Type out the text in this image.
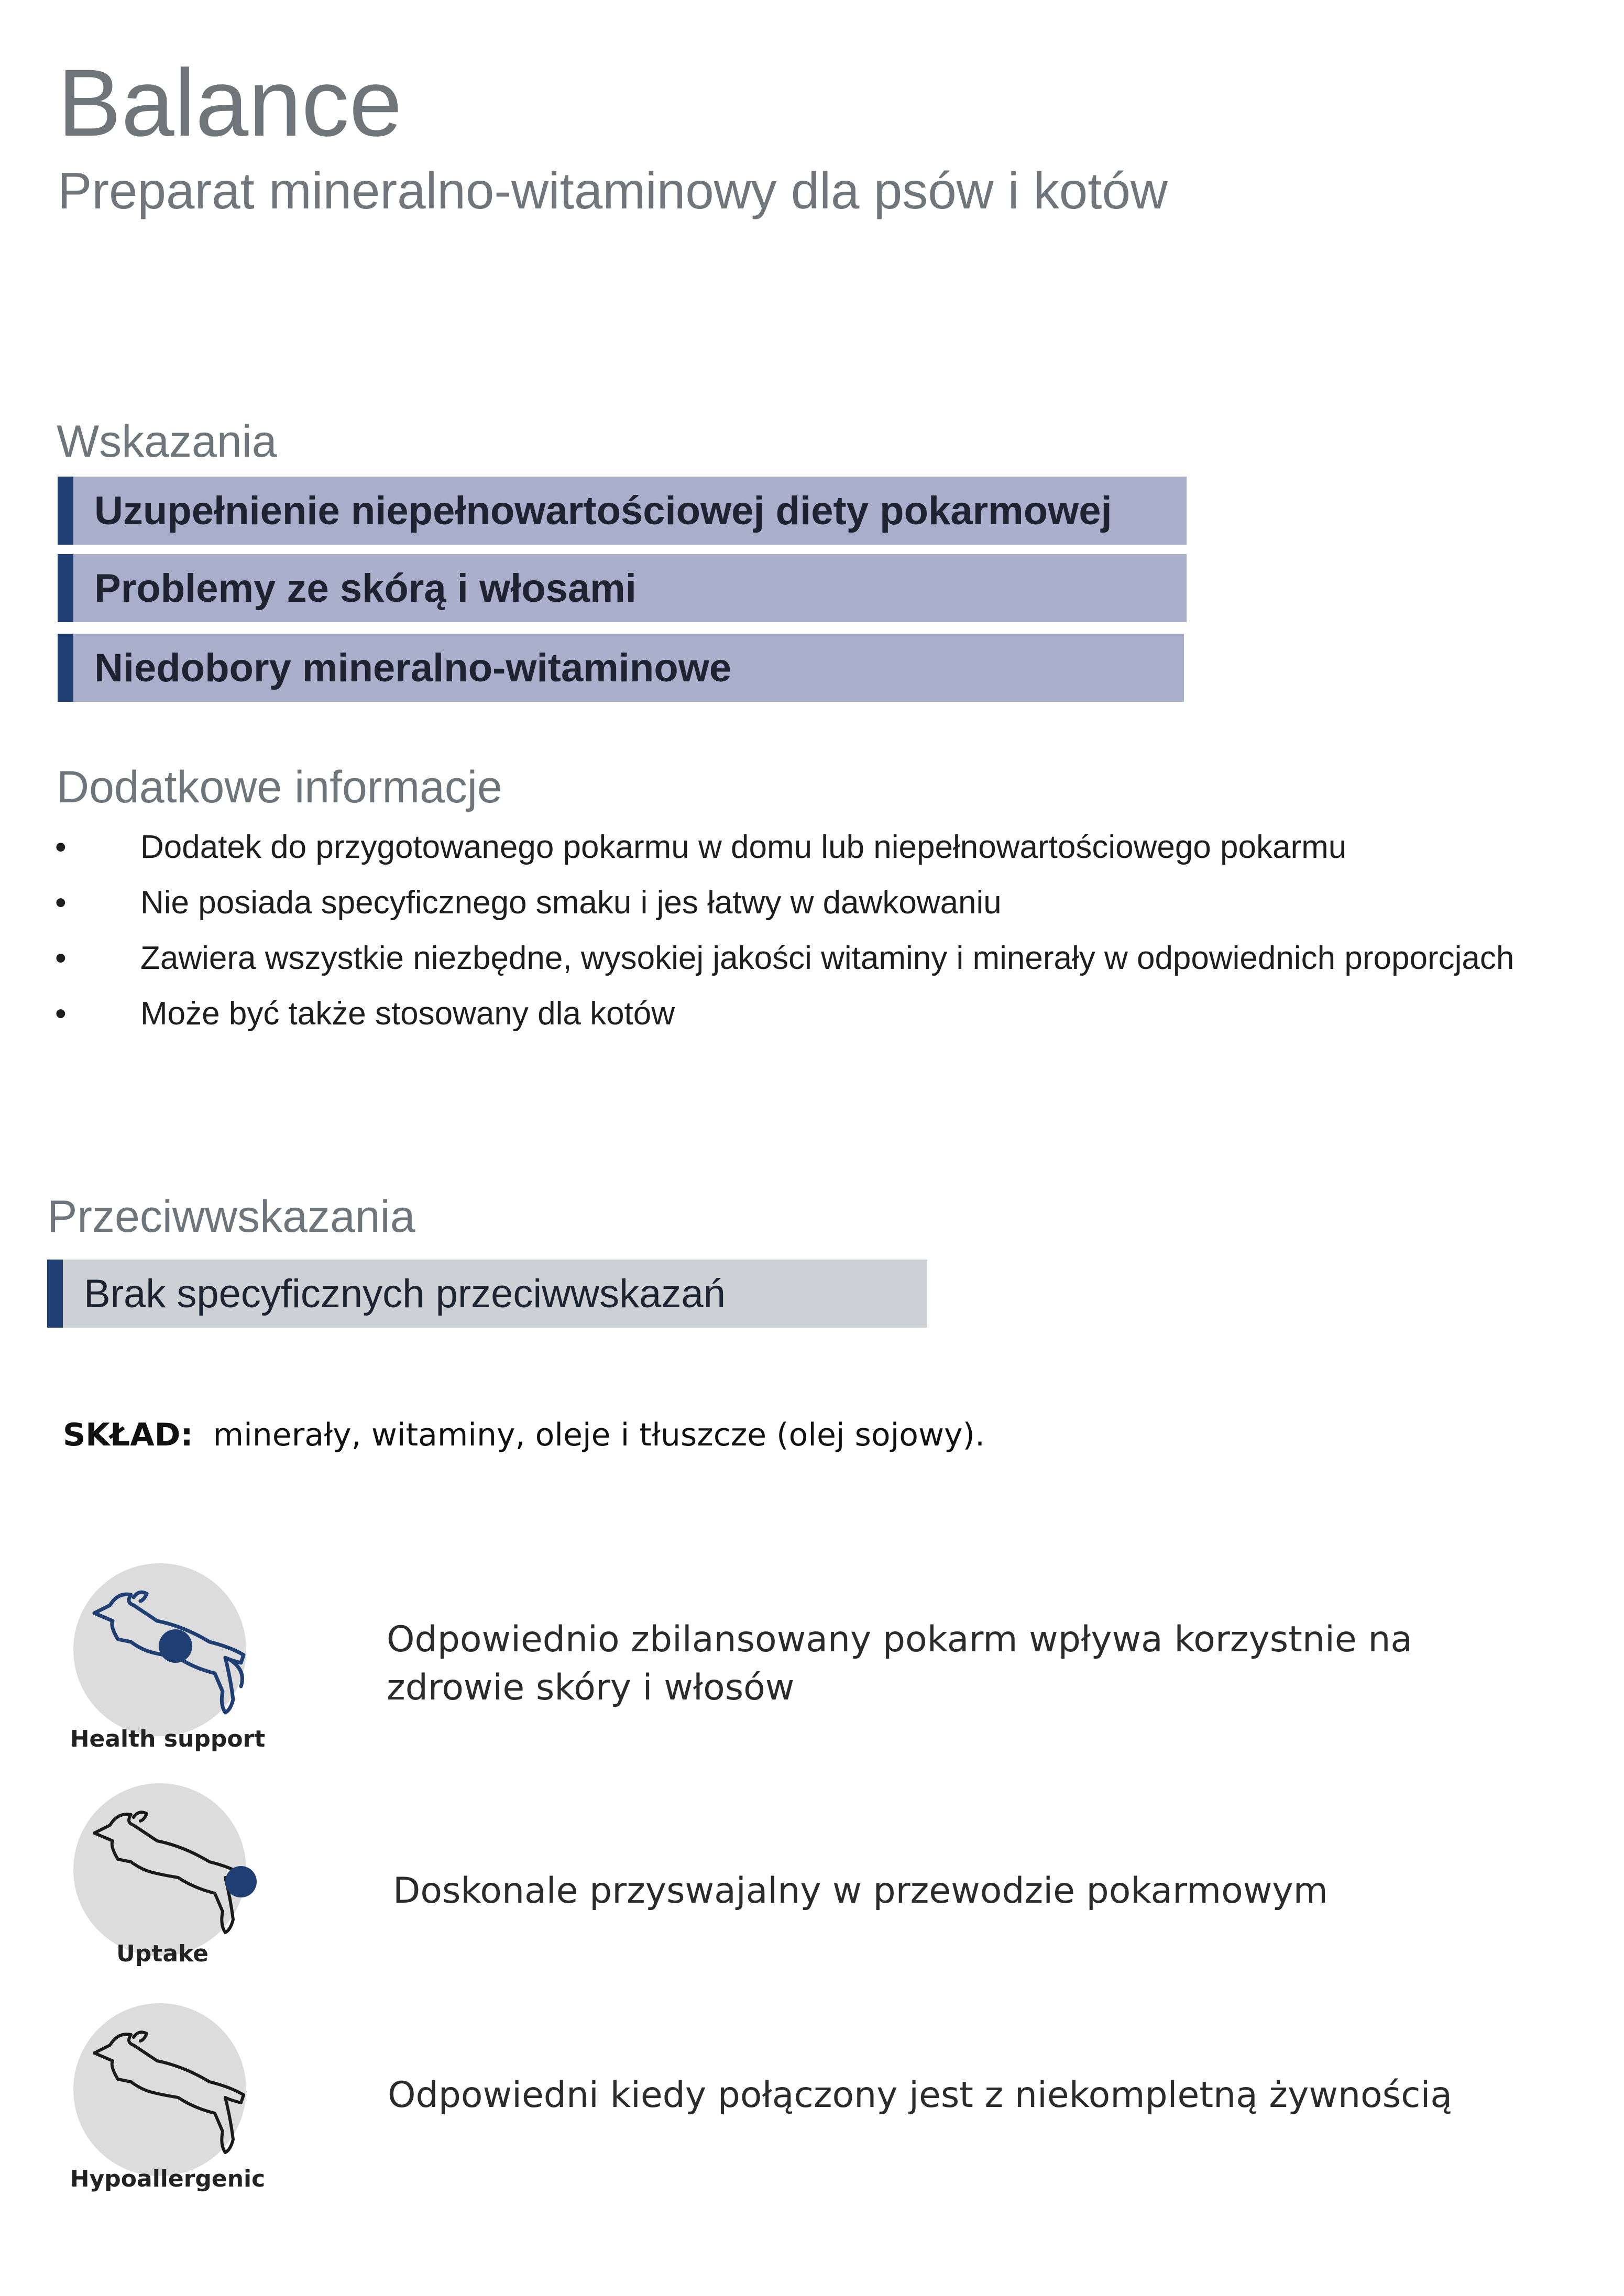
Balance
Preparat mineralno-witaminowy dla psów i kotów
Wskazania
Uzupełnienie niepełnowartościowej diety pokarmowej
Problemy ze skórą i włosami
Niedobory mineralno-witaminowe
Dodatkowe informacje
• Dodatek do przygotowanego pokarmu w domu lub niepełnowartościowego pokarmu
• Nie posiada specyficznego smaku i jes łatwy w dawkowaniu
• Zawiera wszystkie niezbędne, wysokiej jakości witaminy i minerały w odpowiednich proporcjach
• Może być także stosowany dla kotów
Przeciwwskazania
Brak specyficznych przeciwwskazań
SKŁAD: minerały, witaminy, oleje i tłuszcze (olej sojowy).
Health support
Odpowiednio zbilansowany pokarm wpływa korzystnie na zdrowie skóry i włosów
Uptake
Doskonale przyswajalny w przewodzie pokarmowym
Hypoallergenic
Odpowiedni kiedy połączony jest z niekompletną żywnością
